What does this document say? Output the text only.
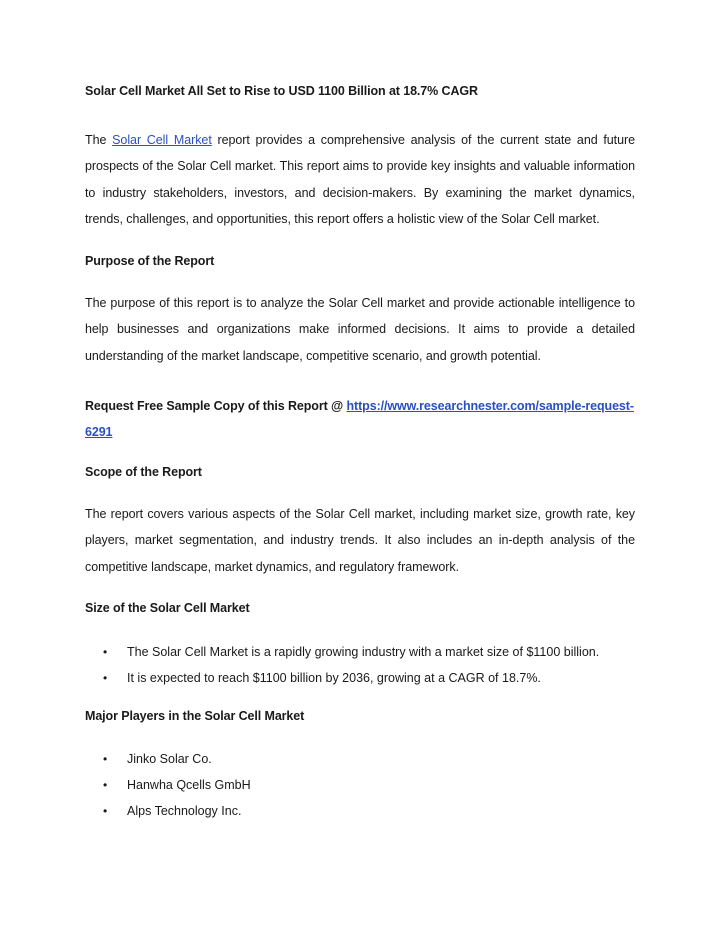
Solar Cell Market All Set to Rise to USD 1100 Billion at 18.7% CAGR

The Solar Cell Market report provides a comprehensive analysis of the current state and future prospects of the Solar Cell market. This report aims to provide key insights and valuable information to industry stakeholders, investors, and decision-makers. By examining the market dynamics, trends, challenges, and opportunities, this report offers a holistic view of the Solar Cell market.

Purpose of the Report

The purpose of this report is to analyze the Solar Cell market and provide actionable intelligence to help businesses and organizations make informed decisions. It aims to provide a detailed understanding of the market landscape, competitive scenario, and growth potential.

Request Free Sample Copy of this Report @ https://www.researchnester.com/sample-request-6291

Scope of the Report

The report covers various aspects of the Solar Cell market, including market size, growth rate, key players, market segmentation, and industry trends. It also includes an in-depth analysis of the competitive landscape, market dynamics, and regulatory framework.

Size of the Solar Cell Market
• The Solar Cell Market is a rapidly growing industry with a market size of $1100 billion.
• It is expected to reach $1100 billion by 2036, growing at a CAGR of 18.7%.
Major Players in the Solar Cell Market
• Jinko Solar Co.
• Hanwha Qcells GmbH
• Alps Technology Inc.
